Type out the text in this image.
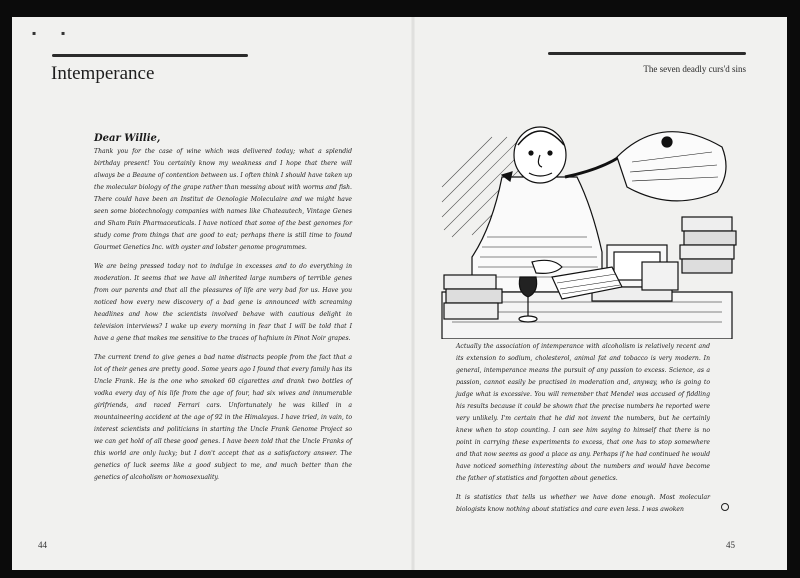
▪	▪
Intemperance	The seven deadly curs'd sins
Dear Willie,

Thank you for the case of wine which was delivered today; what a splendid birthday present! You certainly know my weakness and I hope that there will always be a Beaune of contention between us. I often think I should have taken up the molecular biology of the grape rather than messing about with worms and fish. There could have been an Institut de Oenologie Moleculaire and we might have seen some biotechnology companies with names like Chateautech, Vintage Genes and Sham Pain Pharmaceuticals. I have noticed that some of the best genomes for study come from things that are good to eat; perhaps there is still time to found Gourmet Genetics Inc. with oyster and lobster genome programmes.

We are being pressed today not to indulge in excesses and to do everything in moderation. It seems that we have all inherited large numbers of terrible genes from our parents and that all the pleasures of life are very bad for us. Have you noticed how every new discovery of a bad gene is announced with screaming headlines and how the scientists involved behave with cautious delight in television interviews? I wake up every morning in fear that I will be told that I have a gene that makes me sensitive to the traces of hafnium in Pinot Noir grapes.

The current trend to give genes a bad name distracts people from the fact that a lot of their genes are pretty good. Some years ago I found that every family has its Uncle Frank. He is the one who smoked 60 cigarettes and drank two bottles of vodka every day of his life from the age of four, had six wives and innumerable girlfriends, and raced Ferrari cars. Unfortunately he was killed in a mountaineering accident at the age of 92 in the Himalayas. I have tried, in vain, to interest scientists and politicians in starting the Uncle Frank Genome Project so we can get hold of all these good genes. I have been told that the Uncle Franks of this world are only lucky; but I don't accept that as a satisfactory answer. The genetics of luck seems like a good subject to me, and much better than the genetics of alcoholism or homosexuality.

Actually the association of intemperance with alcoholism is relatively recent and its extension to sodium, cholesterol, animal fat and tobacco is very modern. In general, intemperance means the pursuit of any passion to excess. Science, as a passion, cannot easily be practised in moderation and, anyway, who is going to judge what is excessive. You will remember that Mendel was accused of fiddling his results because it could be shown that the precise numbers he reported were very unlikely. I'm certain that he did not invent the numbers, but he certainly knew when to stop counting. I can see him saying to himself that there is no point in carrying these experiments to excess, that one has to stop somewhere and that now seems as good a place as any. Perhaps if he had continued he would have noticed something interesting about the numbers and would have become the father of statistics and forgotten about genetics.

It is statistics that tells us whether we have done enough. Most molecular biologists know nothing about statistics and care even less. I was awoken

44	45
